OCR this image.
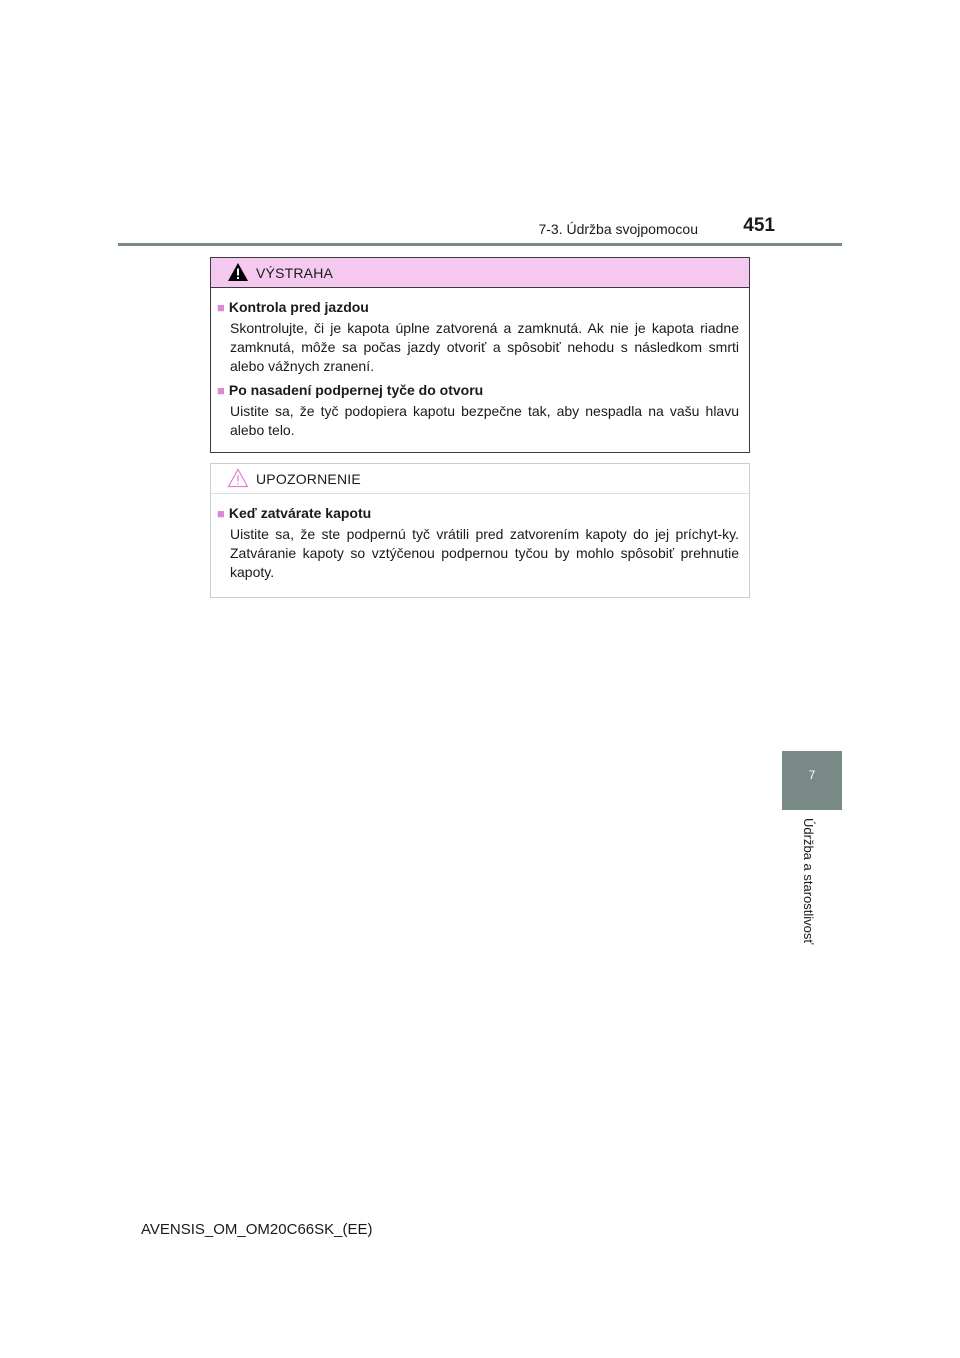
7-3. Údržba svojpomocou	451
VÝSTRAHA
■ Kontrola pred jazdou
Skontrolujte, či je kapota úplne zatvorená a zamknutá. Ak nie je kapota riadne zamknutá, môže sa počas jazdy otvoriť a spôsobiť nehodu s následkom smrti alebo vážnych zranení.
■ Po nasadení podpernej tyče do otvoru
Uistite sa, že tyč podopiera kapotu bezpečne tak, aby nespadla na vašu hlavu alebo telo.
UPOZORNENIE
■ Keď zatvárate kapotu
Uistite sa, že ste podpernú tyč vrátili pred zatvorením kapoty do jej príchyt-ky. Zatváranie kapoty so vztýčenou podpernou tyčou by mohlo spôsobiť prehnutie kapoty.
7
Údržba a starostlivosť
AVENSIS_OM_OM20C66SK_(EE)
